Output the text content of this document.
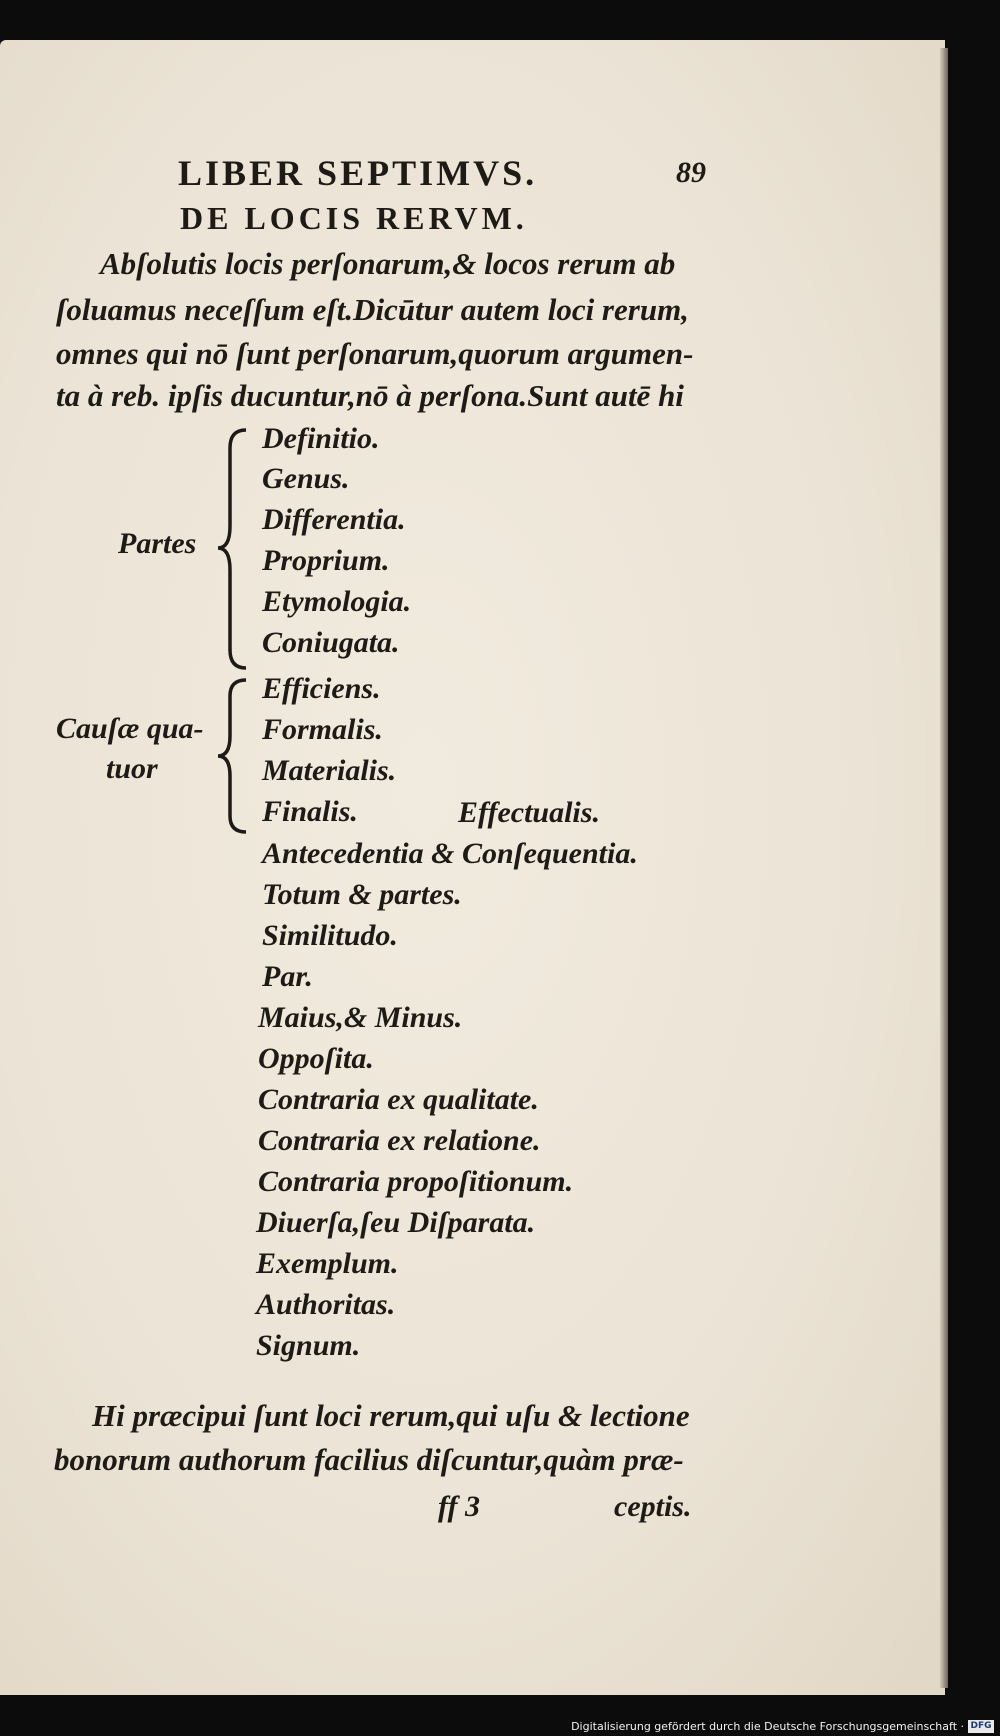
LIBER SEPTIMVS.	89
DE LOCIS RERVM.
Abſolutis locis perſonarum,& locos rerum ab
ſoluamus neceſſum eſt.Dicūtur autem loci rerum,
omnes qui nō ſunt perſonarum,quorum argumen-
ta à reb. ipſis ducuntur,nō à perſona.Sunt autē hi
Partes
Definitio.
Genus.
Differentia.
Proprium.
Etymologia.
Coniugata.
Cauſæ qua-
tuor
Efficiens.
Formalis.
Materialis.
Finalis.	Effectualis.
Antecedentia & Conſequentia.
Totum & partes.
Similitudo.
Par.
Maius,& Minus.
Oppoſita.
Contraria ex qualitate.
Contraria ex relatione.
Contraria propoſitionum.
Diuerſa,ſeu Diſparata.
Exemplum.
Authoritas.
Signum.
Hi præcipui ſunt loci rerum,qui uſu & lectione
bonorum authorum facilius diſcuntur,quàm præ-
ff 3	ceptis.
Digitalisierung gefördert durch die Deutsche Forschungsgemeinschaft · DFG
